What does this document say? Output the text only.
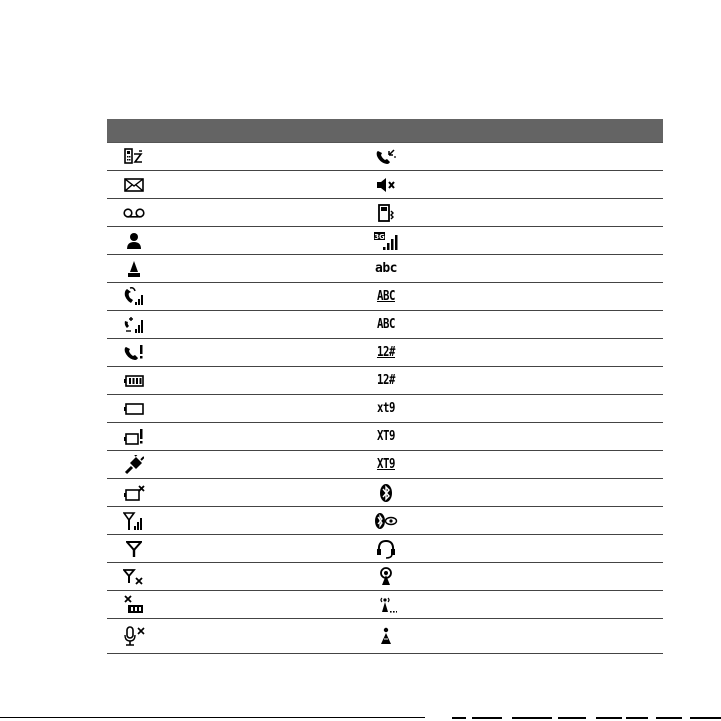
3G
abc
ABC
ABC
12#
12#
xt9
XT9
XT9
